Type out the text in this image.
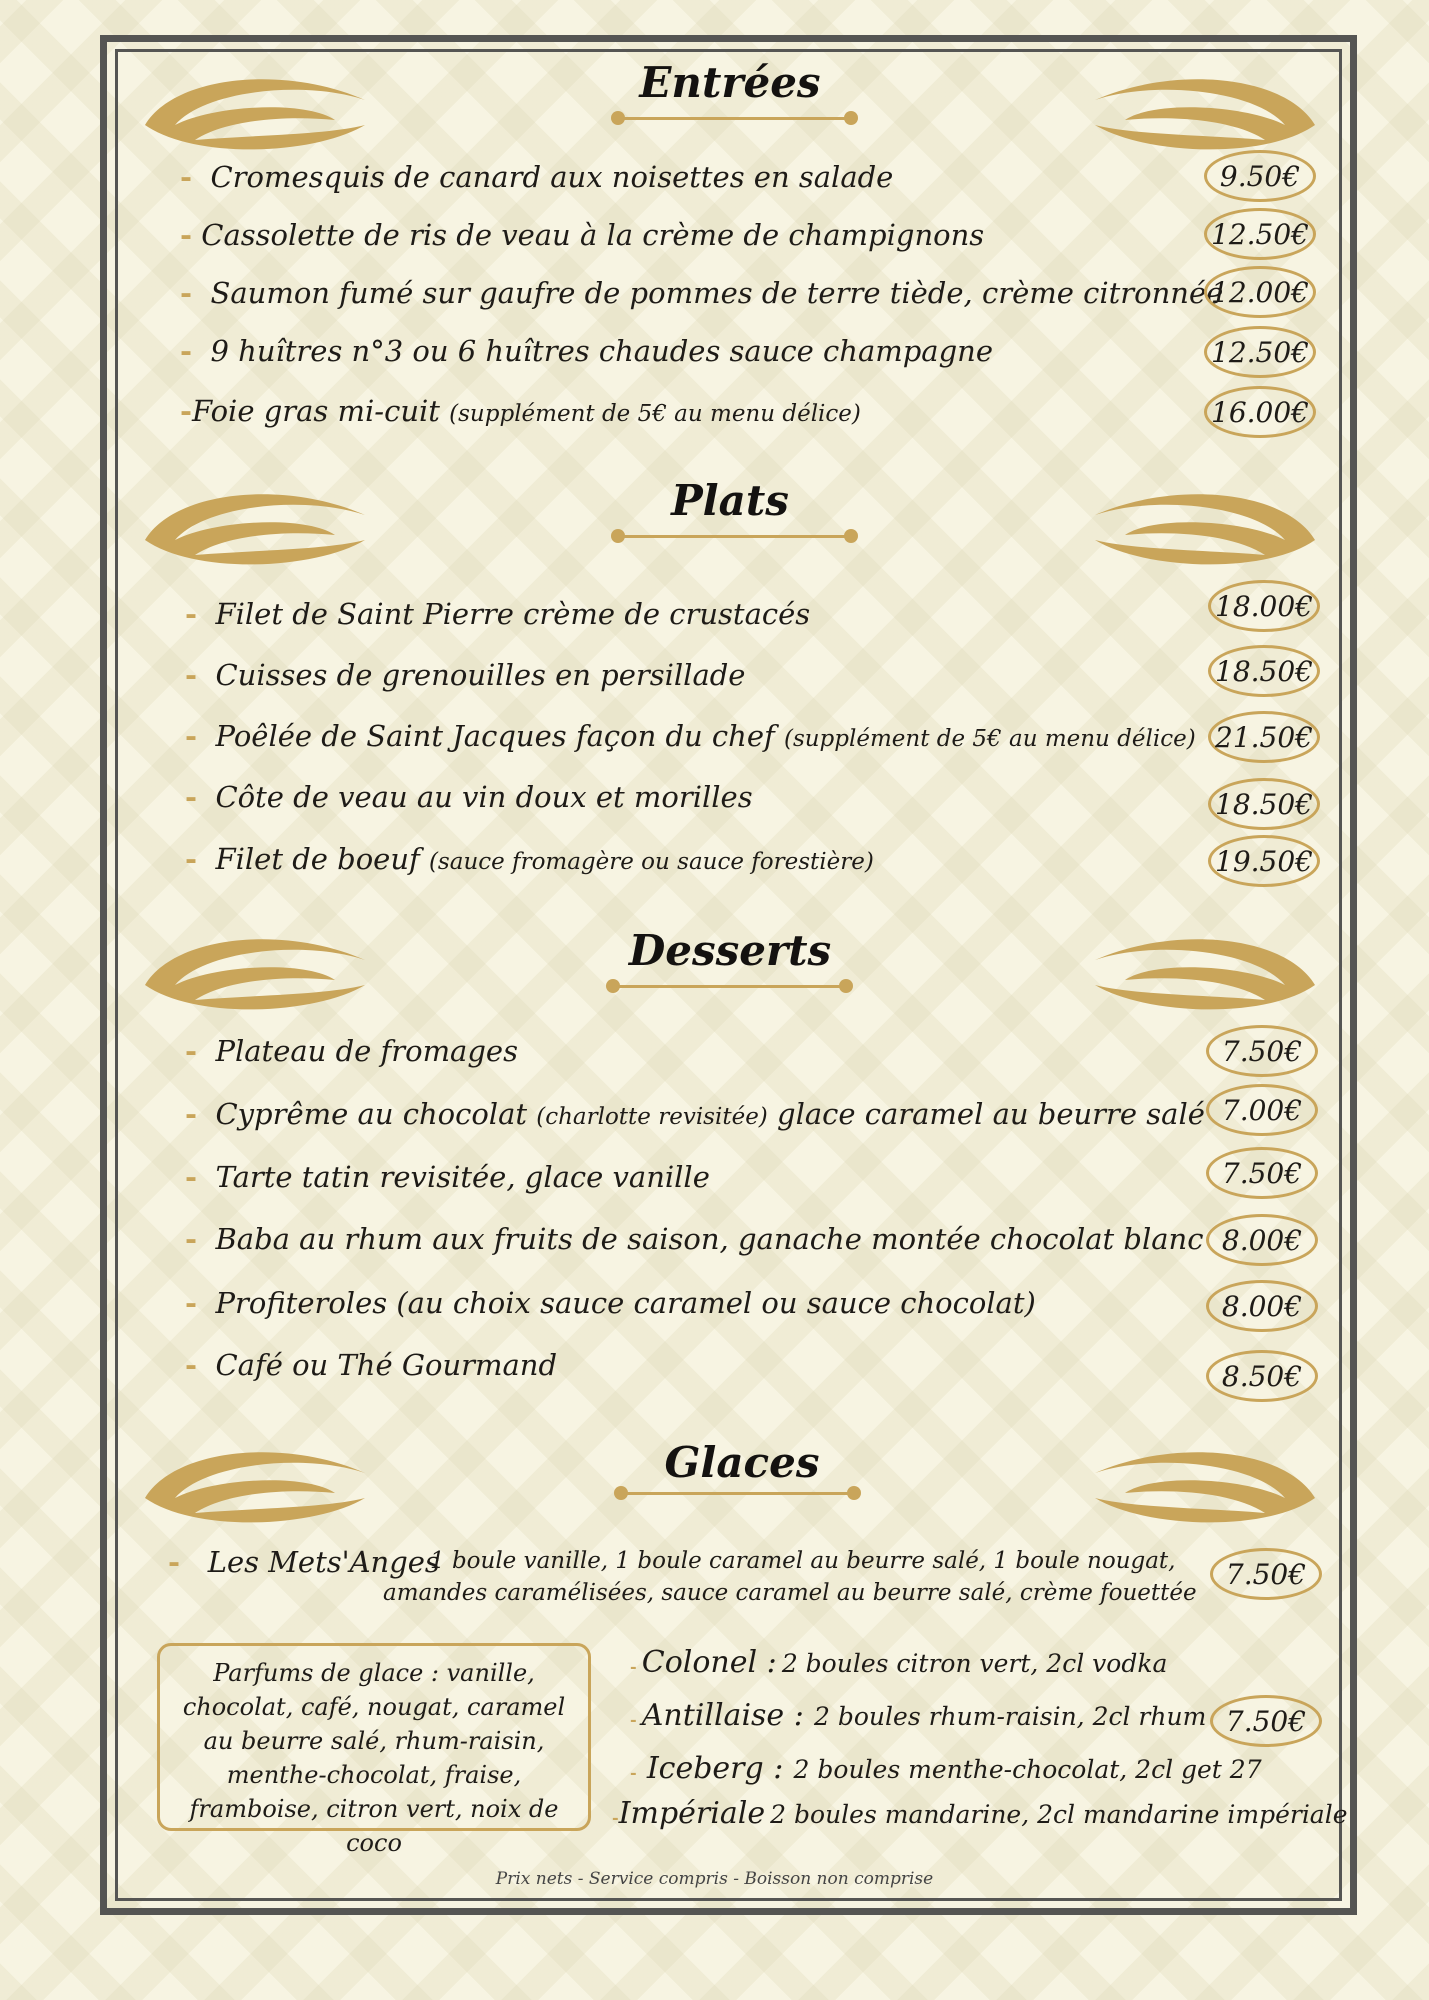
Entrées
- Cromesquis de canard aux noisettes en salade	9.50€
- Cassolette de ris de veau à la crème de champignons	12.50€
- Saumon fumé sur gaufre de pommes de terre tiède, crème citronnée
12.00€
- 9 huîtres n°3 ou 6 huîtres chaudes sauce champagne	12.50€
-Foie gras mi-cuit (supplément de 5€ au menu délice)	16.00€
Plats
- Filet de Saint Pierre crème de crustacés	18.00€
- Cuisses de grenouilles en persillade	18.50€
- Poêlée de Saint Jacques façon du chef (supplément de 5€ au menu délice) 21.50€
- Côte de veau au vin doux et morilles	18.50€
- Filet de boeuf (sauce fromagère ou sauce forestière)	19.50€
Desserts
- Plateau de fromages	7.50€
- Cyprême au chocolat (charlotte revisitée) glace caramel au beurre salé 7.00€
- Tarte tatin revisitée, glace vanille	7.50€
- Baba au rhum aux fruits de saison, ganache montée chocolat blanc 8.00€
- Profiteroles (au choix sauce caramel ou sauce chocolat)	8.00€
- Café ou Thé Gourmand	8.50€
Glaces
- Les Mets'Anges
1 boule vanille, 1 boule caramel au beurre salé, 1 boule nougat,
amandes caramélisées, sauce caramel au beurre salé, crème fouettée
7.50€
Parfums de glace : vanille, chocolat, café, nougat, caramel au beurre salé, rhum-raisin, menthe-chocolat, fraise, framboise, citron vert, noix de coco
- Colonel : 2 boules citron vert, 2cl vodka
- Antillaise : 2 boules rhum-raisin, 2cl rhum
- Iceberg : 2 boules menthe-chocolat, 2cl get 27
-Impériale 2 boules mandarine, 2cl mandarine impériale
7.50€
Prix nets - Service compris - Boisson non comprise
